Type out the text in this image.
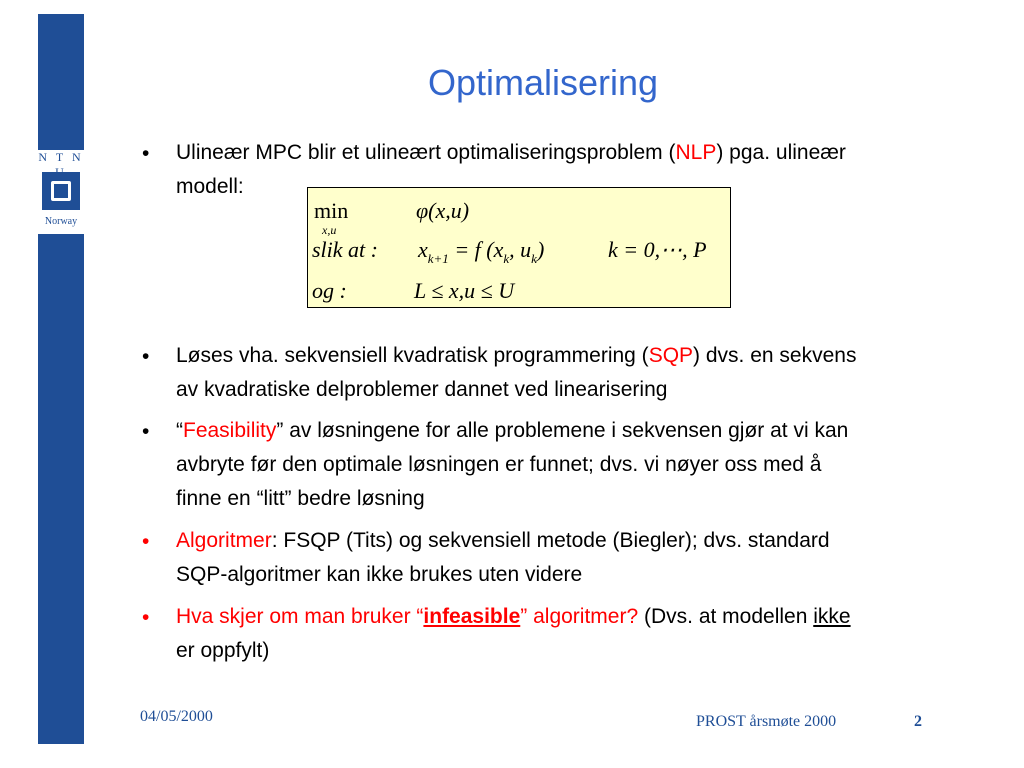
N T N
Norway
Optimalisering
• Ulineær MPC blir et ulineært optimaliseringsproblem (NLP) pga. ulineær
modell:
min
x,u
φ(x,u)
slik at : $x_{k+1} = f$ ($x_k$, $u_k$)	k = 0,⋯, P
og :	L ≤ x,u ≤ U
• Løses vha. sekvensiell kvadratisk programmering (SQP) dvs. en sekvens
av kvadratiske delproblemer dannet ved linearisering
• “Feasibility” av løsningene for alle problemene i sekvensen gjør at vi kan
avbryte før den optimale løsningen er funnet; dvs. vi nøyer oss med å
finne en “litt” bedre løsning
• Algoritmer: FSQP (Tits) og sekvensiell metode (Biegler); dvs. standard
SQP-algoritmer kan ikke brukes uten videre
• Hva skjer om man bruker “infeasible” algoritmer? (Dvs. at modellen ikke
er oppfylt)
04/05/2000	PROST årsmøte 2000	2
